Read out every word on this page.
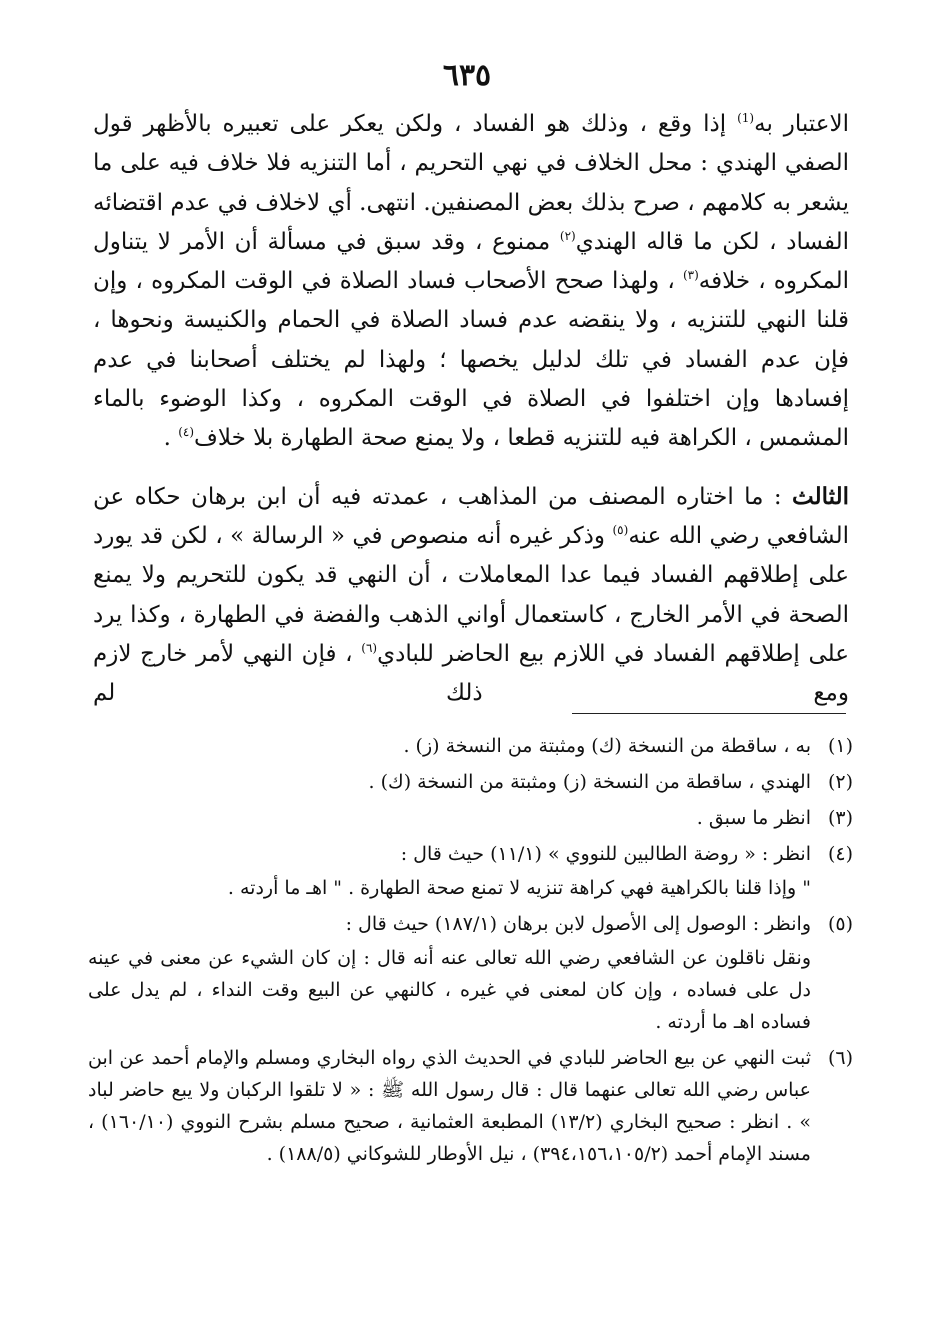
٦٣٥

الاعتبار به$^{(1)}$ إذا وقع ، وذلك هو الفساد ، ولكن يعكر على تعبيره بالأظهر قول الصفي الهندي : محل الخلاف في نهي التحريم ، أما التنزيه فلا خلاف فيه على ما يشعر به كلامهم ، صرح بذلك بعض المصنفين. انتهى. أي لاخلاف في عدم اقتضائه الفساد ، لكن ما قاله الهندي$^{(٢)}$ ممنوع ، وقد سبق في مسألة أن الأمر لا يتناول المكروه ، خلافه$^{(٣)}$ ، ولهذا صحح الأصحاب فساد الصلاة في الوقت المكروه ، وإن قلنا النهي للتنزيه ، ولا ينقضه عدم فساد الصلاة في الحمام والكنيسة ونحوها ، فإن عدم الفساد في تلك لدليل يخصها ؛ ولهذا لم يختلف أصحابنا في عدم إفسادها وإن اختلفوا في الصلاة في الوقت المكروه ، وكذا الوضوء بالماء المشمس ، الكراهة فيه للتنزيه قطعا ، ولا يمنع صحة الطهارة بلا خلاف$^{(٤)}$ .

الثالث : ما اختاره المصنف من المذاهب ، عمدته فيه أن ابن برهان حكاه عن الشافعي رضي الله عنه$^{(٥)}$ وذكر غيره أنه منصوص في « الرسالة » ، لكن قد يورد على إطلاقهم الفساد فيما عدا المعاملات ، أن النهي قد يكون للتحريم ولا يمنع الصحة في الأمر الخارج ، كاستعمال أواني الذهب والفضة في الطهارة ، وكذا يرد على إطلاقهم الفساد في اللازم بيع الحاضر للبادي$^{(٦)}$ ، فإن النهي لأمر خارج لازم ومع ذلك لم

(١)
به ، ساقطة من النسخة (ك) ومثبتة من النسخة (ز) .
(٢)
الهندي ، ساقطة من النسخة (ز) ومثبتة من النسخة (ك) .
(٣)
انظر ما سبق .
(٤)
انظر : « روضة الطالبين للنووي » (١١/١) حيث قال :
" وإذا قلنا بالكراهية فهي كراهة تنزيه لا تمنع صحة الطهارة . " اهـ ما أردته .
(٥)
وانظر : الوصول إلى الأصول لابن برهان (١٨٧/١) حيث قال :
ونقل ناقلون عن الشافعي رضي الله تعالى عنه أنه قال : إن كان الشيء عن معنى في عينه دل على فساده ، وإن كان لمعنى في غيره ، كالنهي عن البيع وقت النداء ، لم يدل على فساده اهـ ما أردته .
(٦)
ثبت النهي عن بيع الحاضر للبادي في الحديث الذي رواه البخاري ومسلم والإمام أحمد عن ابن عباس رضي الله تعالى عنهما قال : قال رسول الله ﷺ : « لا تلقوا الركبان ولا يبع حاضر لباد » . انظر : صحيح البخاري (١٣/٢) المطبعة العثمانية ، صحيح مسلم بشرح النووي (١٦٠/١٠) ، مسند الإمام أحمد (٣٩٤،١٥٦،١٠٥/٢) ، نيل الأوطار للشوكاني (١٨٨/٥) .
